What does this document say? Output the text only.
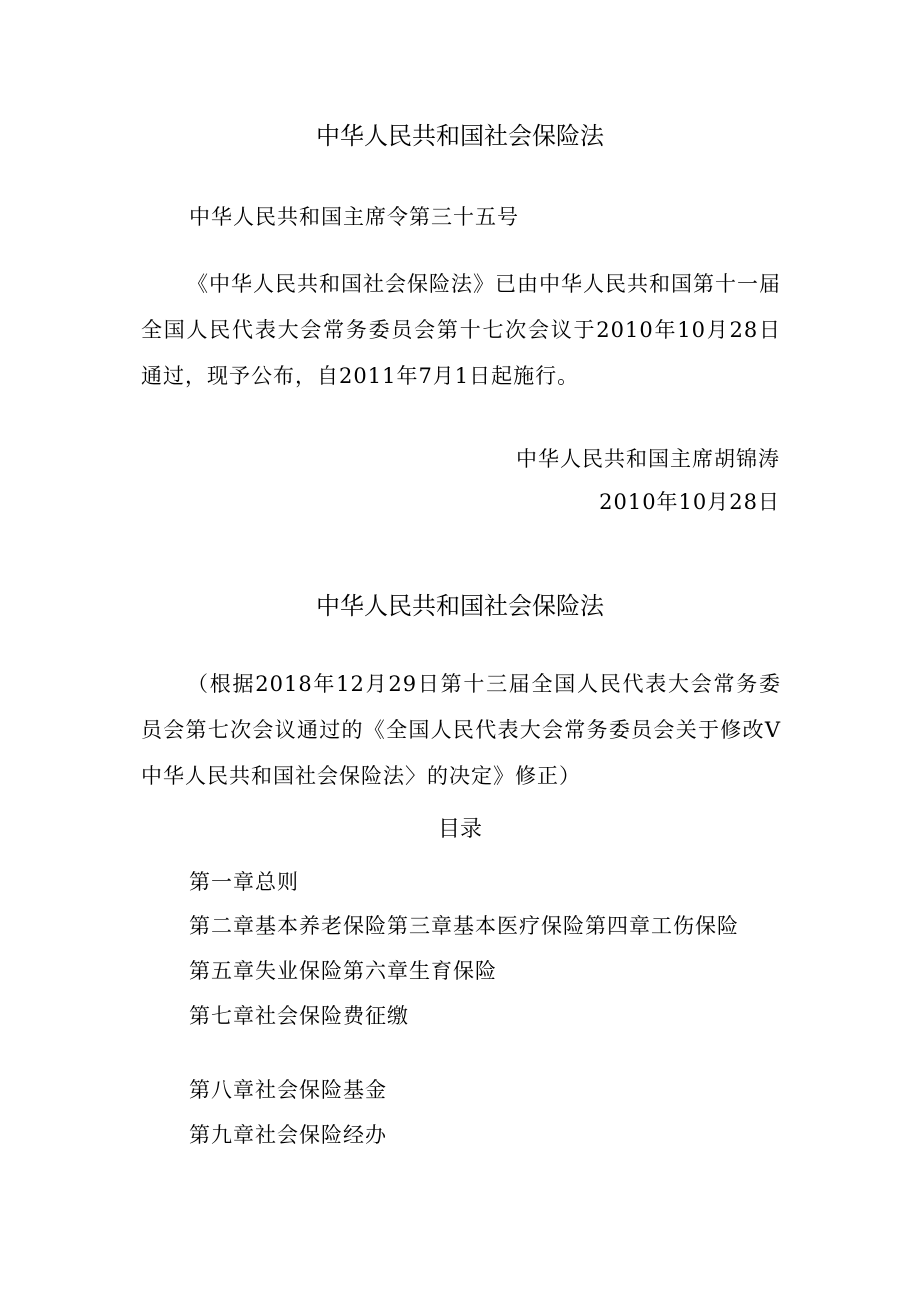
中华人民共和国社会保险法
中华人民共和国主席令第三十五号
《中华人民共和国社会保险法》已由中华人民共和国第十一届全国人民代表大会常务委员会第十七次会议于2010年10月28日通过，现予公布，自2011年7月1日起施行。
中华人民共和国主席胡锦涛
2010年10月28日
中华人民共和国社会保险法
（根据2018年12月29日第十三届全国人民代表大会常务委员会第七次会议通过的《全国人民代表大会常务委员会关于修改V中华人民共和国社会保险法〉的决定》修正）
目录
第一章总则
第二章基本养老保险第三章基本医疗保险第四章工伤保险
第五章失业保险第六章生育保险
第七章社会保险费征缴
第八章社会保险基金
第九章社会保险经办
